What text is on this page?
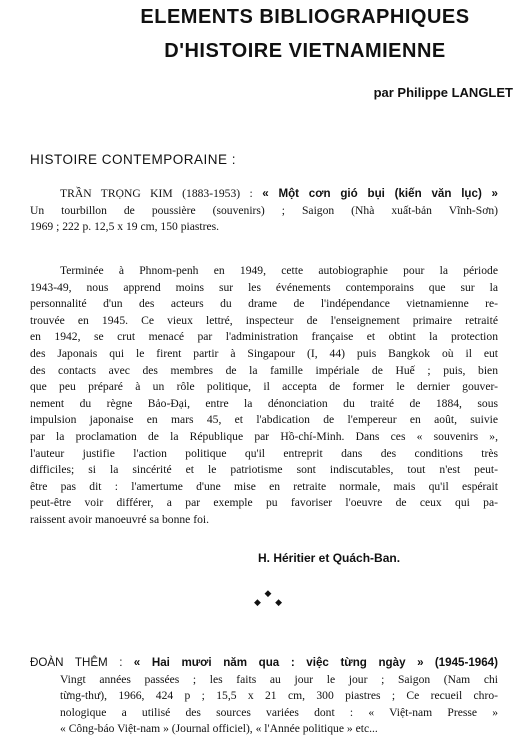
ELEMENTS BIBLIOGRAPHIQUES
D'HISTOIRE VIETNAMIENNE
par Philippe LANGLET
HISTOIRE CONTEMPORAINE :
TRẦN TRỌNG KIM (1883-1953) : « Một cơn gió bụi (kiến văn lục) »
Un tourbillon de poussière (souvenirs) ; Saigon (Nhà xuất-bản Vĩnh-Sơn)
1969 ; 222 p. 12,5 x 19 cm, 150 piastres.
Terminée à Phnom-penh en 1949, cette autobiographie pour la période
1943-49, nous apprend moins sur les événements contemporains que sur la
personnalité d'un des acteurs du drame de l'indépendance vietnamienne re-
trouvée en 1945. Ce vieux lettré, inspecteur de l'enseignement primaire retraité
en 1942, se crut menacé par l'administration française et obtint la protection
des Japonais qui le firent partir à Singapour (I, 44) puis Bangkok où il eut
des contacts avec des membres de la famille impériale de Huế ; puis, bien
que peu préparé à un rôle politique, il accepta de former le dernier gouver-
nement du règne Bảo-Đại, entre la dénonciation du traité de 1884, sous
impulsion japonaise en mars 45, et l'abdication de l'empereur en août, suivie
par la proclamation de la République par Hồ-chí-Minh. Dans ces « souvenirs »,
l'auteur justifie l'action politique qu'il entreprit dans des conditions très
difficiles; si la sincérité et le patriotisme sont indiscutables, tout n'est peut-
être pas dit : l'amertume d'une mise en retraite normale, mais qu'il espérait
peut-être voir différer, a par exemple pu favoriser l'oeuvre de ceux qui pa-
raissent avoir manoeuvré sa bonne foi.
H. Héritier et Quách-Ban.
◆
◆ ◆
ĐOÀN THÊM : « Hai mươi năm qua : việc từng ngày » (1945-1964)
Vingt années passées ; les faits au jour le jour ; Saigon (Nam chi
từng-thư), 1966, 424 p ; 15,5 x 21 cm, 300 piastres ; Ce recueil chro-
nologique a utilisé des sources variées dont : « Việt-nam Presse »
« Công-báo Việt-nam » (Journal officiel), « l'Année politique » etc...
